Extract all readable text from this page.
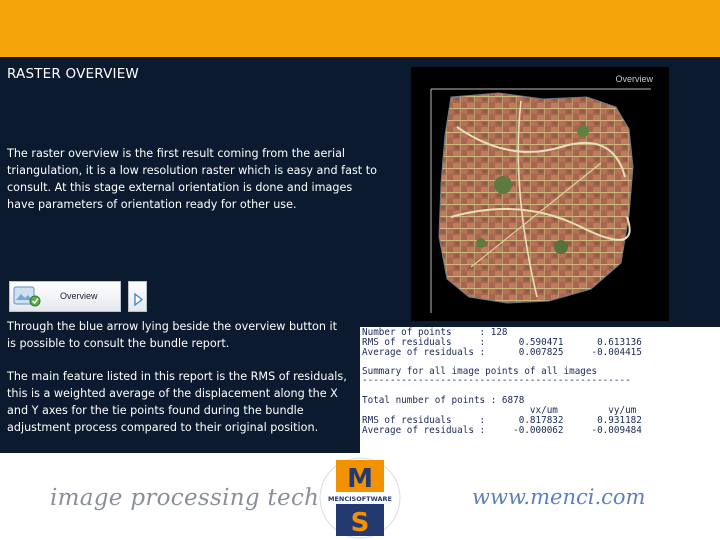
RASTER OVERVIEW
The raster overview is the first result coming from the aerial
triangulation, it is a low resolution raster which is easy and fast to
consult. At this stage external orientation is done and images
have parameters of orientation ready for other use.
Overview
Through the blue arrow lying beside the overview button it
is possible to consult the bundle report.
The main feature listed in this report is the RMS of residuals,
this is a weighted average of the displacement along the X
and Y axes for the tie points found during the bundle
adjustment process compared to their original position.
Overview
Number of points     : 128
RMS of residuals     :      0.590471      0.613136
Average of residuals :      0.007825     -0.004415
Summary for all image points of all images
------------------------------------------------
Total number of points : 6878
vx/um         vy/um
RMS of residuals     :      0.817832      0.931182
Average of residuals :     -0.000062     -0.009484
image processing tech	www.menci.com
M
MENCISOFTWARE
S
